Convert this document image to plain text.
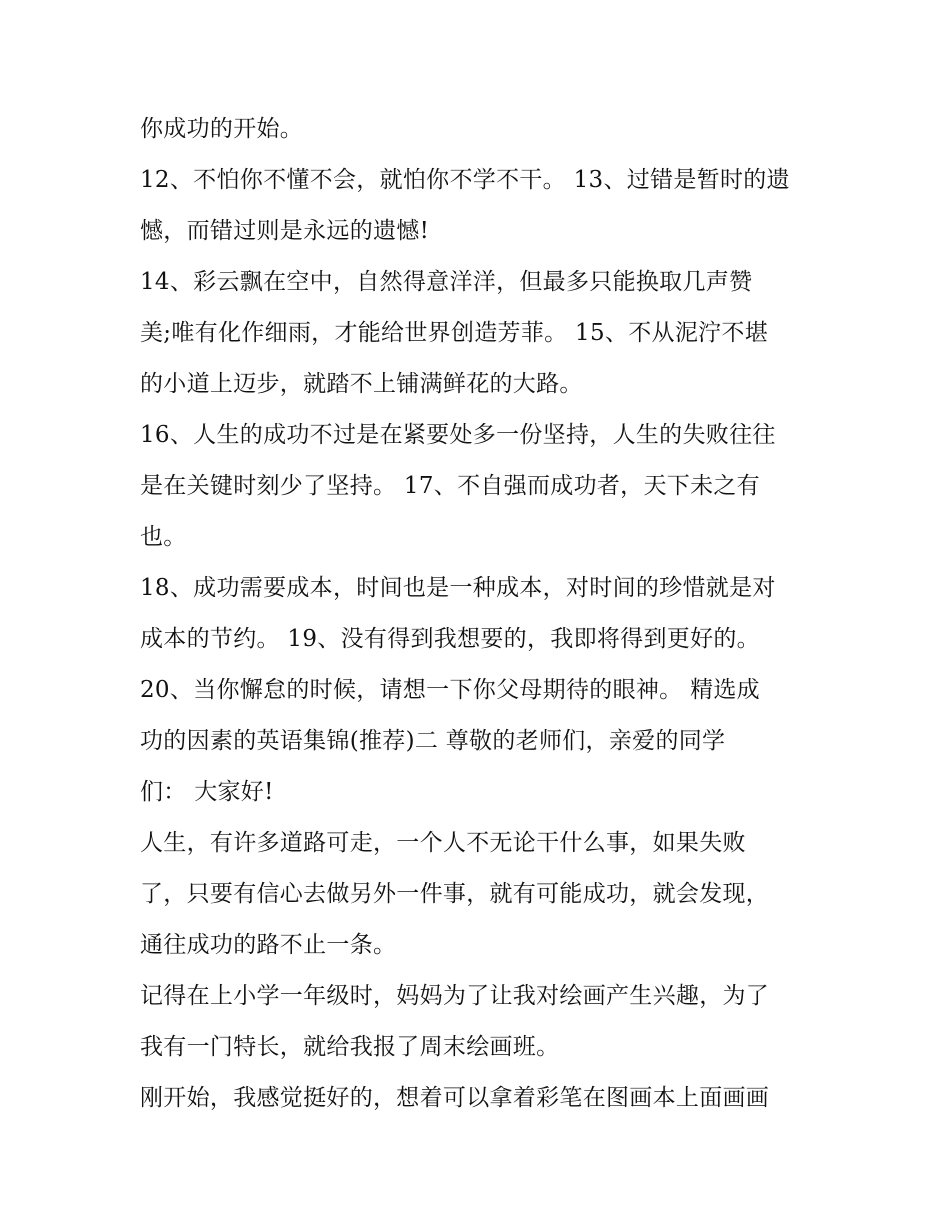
你成功的开始。
12、不怕你不懂不会，就怕你不学不干。 13、过错是暂时的遗
憾，而错过则是永远的遗憾!
14、彩云飘在空中，自然得意洋洋，但最多只能换取几声赞
美;唯有化作细雨，才能给世界创造芳菲。 15、不从泥泞不堪
的小道上迈步，就踏不上铺满鲜花的大路。
16、人生的成功不过是在紧要处多一份坚持，人生的失败往往
是在关键时刻少了坚持。 17、不自强而成功者，天下未之有
也。
18、成功需要成本，时间也是一种成本，对时间的珍惜就是对
成本的节约。 19、没有得到我想要的，我即将得到更好的。
20、当你懈怠的时候，请想一下你父母期待的眼神。 精选成
功的因素的英语集锦(推荐)二 尊敬的老师们，亲爱的同学
们： 大家好!
人生，有许多道路可走，一个人不无论干什么事，如果失败
了，只要有信心去做另外一件事，就有可能成功，就会发现，
通往成功的路不止一条。
记得在上小学一年级时，妈妈为了让我对绘画产生兴趣，为了
我有一门特长，就给我报了周末绘画班。
刚开始，我感觉挺好的，想着可以拿着彩笔在图画本上面画画
